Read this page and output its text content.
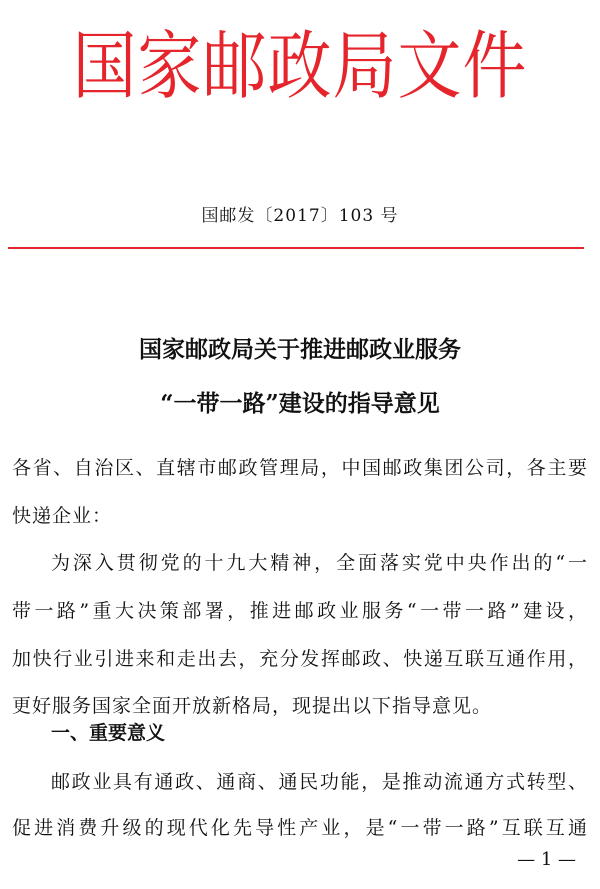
国家邮政局文件
国邮发〔2017〕103 号
国家邮政局关于推进邮政业服务
“一带一路”建设的指导意见
各省、自治区、直辖市邮政管理局，中国邮政集团公司，各主要
快递企业：
为深入贯彻党的十九大精神，全面落实党中央作出的“一
带一路”重大决策部署，推进邮政业服务“一带一路”建设，
加快行业引进来和走出去，充分发挥邮政、快递互联互通作用，
更好服务国家全面开放新格局，现提出以下指导意见。
一、重要意义
邮政业具有通政、通商、通民功能，是推动流通方式转型、
促进消费升级的现代化先导性产业，是“一带一路”互联互通
— 1 —
